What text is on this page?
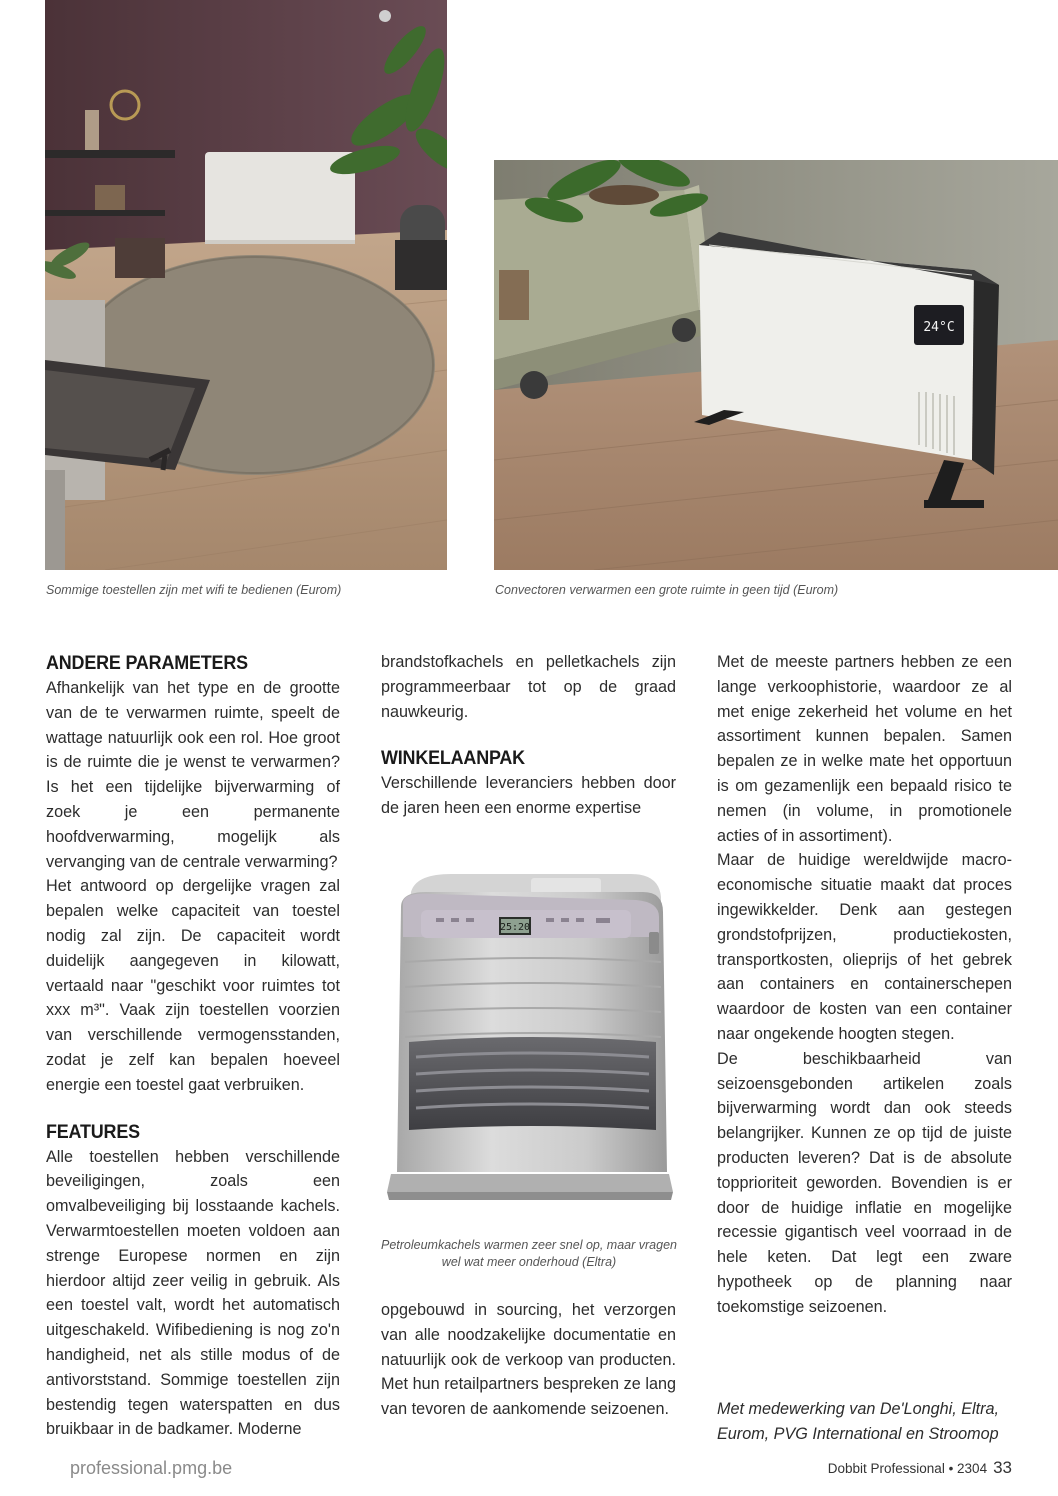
24°C
Sommige toestellen zijn met wifi te bedienen (Eurom)	Convectoren verwarmen een grote ruimte in geen tijd (Eurom)
ANDERE PARAMETERS

Afhankelijk van het type en de grootte van de te verwarmen ruimte, speelt de wattage natuurlijk ook een rol. Hoe groot is de ruimte die je wenst te verwarmen? Is het een tijdelijke bijverwarming of zoek je een permanente hoofdverwarming, mogelijk als vervanging van de centrale verwarming?

Het antwoord op dergelijke vragen zal bepalen welke capaciteit van toestel nodig zal zijn. De capaciteit wordt duidelijk aangegeven in kilowatt, vertaald naar "geschikt voor ruimtes tot xxx m³". Vaak zijn toestellen voorzien van verschillende vermogensstanden, zodat je zelf kan bepalen hoeveel energie een toestel gaat verbruiken.

FEATURES

Alle toestellen hebben verschillende beveiligingen, zoals een omvalbeveiliging bij losstaande kachels. Verwarmtoestellen moeten voldoen aan strenge Europese normen en zijn hierdoor altijd zeer veilig in gebruik. Als een toestel valt, wordt het automatisch uitgeschakeld. Wifibediening is nog zo'n handigheid, net als stille modus of de antivorststand. Sommige toestellen zijn bestendig tegen waterspatten en dus bruikbaar in de badkamer. Moderne

brandstofkachels en pelletkachels zijn programmeerbaar tot op de graad nauwkeurig.

WINKELAANPAK

Verschillende leveranciers hebben door de jaren heen een enorme expertise

25:20
Petroleumkachels warmen zeer snel op, maar vragen
wel wat meer onderhoud (Eltra)

opgebouwd in sourcing, het verzorgen van alle noodzakelijke documentatie en natuurlijk ook de verkoop van producten. Met hun retailpartners bespreken ze lang van tevoren de aankomende seizoenen.

Met de meeste partners hebben ze een lange verkoophistorie, waardoor ze al met enige zekerheid het volume en het assortiment kunnen bepalen. Samen bepalen ze in welke mate het opportuun is om gezamenlijk een bepaald risico te nemen (in volume, in promotionele acties of in assortiment).

Maar de huidige wereldwijde macro-economische situatie maakt dat proces ingewikkelder. Denk aan gestegen grondstofprijzen, productiekosten, transportkosten, olieprijs of het gebrek aan containers en containerschepen waardoor de kosten van een container naar ongekende hoogten stegen.

De beschikbaarheid van seizoensgebonden artikelen zoals bijverwarming wordt dan ook steeds belangrijker. Kunnen ze op tijd de juiste producten leveren? Dat is de absolute topprioriteit geworden. Bovendien is er door de huidige inflatie en mogelijke recessie gigantisch veel voorraad in de hele keten. Dat legt een zware hypotheek op de planning naar toekomstige seizoenen.

Met medewerking van De'Longhi, Eltra, Eurom, PVG International en Stroomop
professional.pmg.be	Dobbit Professional • 2304 33
